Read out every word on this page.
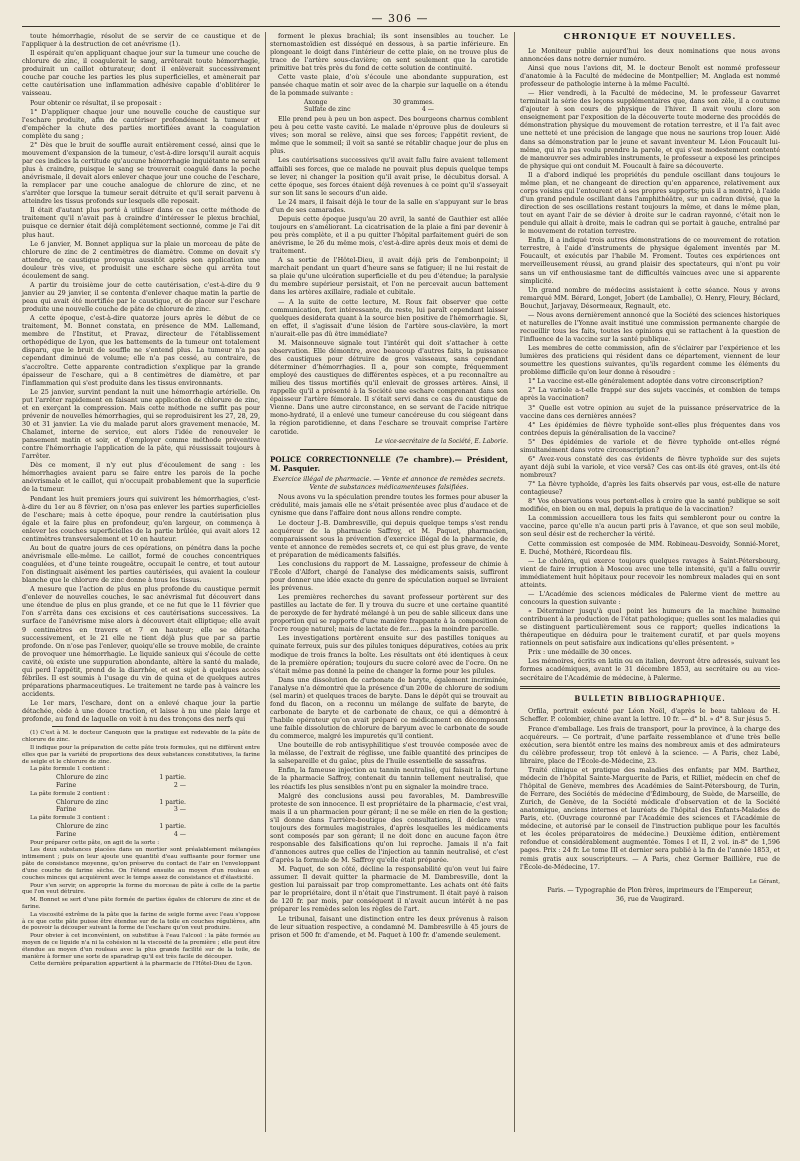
— 306 —

toute hémorrhagie, résolut de se servir de ce caustique et de l'appliquer à la destruction de cet anévrisme (1).

Il espérait qu'en appliquant chaque jour sur la tumeur une couche de chlorure de zinc, il coagulerait le sang, arrêterait toute hémorrhagie, produirait un caillot obturateur, dont il enlèverait successivement couche par couche les parties les plus superficielles, et amènerait par cette cautérisation une inflammation adhésive capable d'oblitérer le vaisseau.

Pour obtenir ce résultat, il se proposait :

1° D'appliquer chaque jour une nouvelle couche de caustique sur l'eschare produite, afin de cautériser profondément la tumeur et d'empêcher la chute des parties mortifiées avant la coagulation complète du sang ;

2° Dès que le bruit de souffle aurait entièrement cessé, ainsi que le mouvement d'expansion de la tumeur, c'est-à-dire lorsqu'il aurait acquis par ces indices la certitude qu'aucune hémorrhagie inquiétante ne serait plus à craindre, puisque le sang se trouverait coagulé dans la poche anévrismale, il devait alors enlever chaque jour une couche de l'eschare, la remplacer par une couche analogue de chlorure de zinc, et ne s'arrêter que lorsque la tumeur serait détruite et qu'il serait parvenu à atteindre les tissus profonds sur lesquels elle reposait.

Il était d'autant plus porté à utiliser dans ce cas cette méthode de traitement qu'il n'avait pas à craindre d'intéresser le plexus brachial, puisque ce dernier était déjà complétement sectionné, comme je l'ai dit plus haut.

Le 6 janvier, M. Bonnet appliqua sur la plaie un morceau de pâte de chlorure de zinc de 2 centimètres de diamètre. Comme on devait s'y attendre, ce caustique provoqua aussitôt après son application une douleur très vive, et produisit une eschare sèche qui arrêta tout écoulement de sang.

A partir du troisième jour de cette cautérisation, c'est-à-dire du 9 janvier au 29 janvier, il se contenta d'enlever chaque matin la partie de peau qui avait été mortifiée par le caustique, et de placer sur l'eschare produite une nouvelle couche de pâte de chlorure de zinc.

A cette époque, c'est-à-dire quatorze jours après le début de ce traitement, M. Bonnet constata, en présence de MM. Lallemand, membre de l'Institut, et Pravaz, directeur de l'établissement orthopédique de Lyon, que les battements de la tumeur ont totalement disparu, que le bruit de souffle ne s'entend plus. La tumeur n'a pas cependant diminué de volume; elle n'a pas cessé, au contraire, de s'accroître. Cette apparente contradiction s'explique par la grande épaisseur de l'eschare, qui a 8 centimètres de diamètre, et par l'inflammation qui s'est produite dans les tissus environnants.

Le 25 janvier, survint pendant la nuit une hémorrhagie artérielle. On put l'arrêter rapidement en faisant une application de chlorure de zinc, et en exerçant la compression. Mais cette méthode ne suffit pas pour prévenir de nouvelles hémorrhagies, qui se reproduisirent les 27, 28, 29, 30 et 31 janvier. La vie du malade parut alors gravement menacée, M. Chalamet, interne de service, eut alors l'idée de renouveler le pansement matin et soir, et d'employer comme méthode préventive contre l'hémorrhagie l'application de la pâte, qui réussissait toujours à l'arrêter.

Dès ce moment, il n'y eut plus d'écoulement de sang : les hémorrhagies avaient paru se faire entre les parois de la poche anévrismale et le caillot, qui n'occupait probablement que la superficie de la tumeur.

Pendant les huit premiers jours qui suivirent les hémorrhagies, c'est-à-dire du 1er au 8 février, on n'osa pas enlever les parties superficielles de l'eschare; mais à cette époque, pour rendre la cautérisation plus égale et la faire plus en profondeur, qu'en largeur, on commença à enlever les couches superficielles de la partie brûlée, qui avait alors 12 centimètres transversalement et 10 en hauteur.

Au bout de quatre jours de ces opérations, on pénétra dans la poche anévrismale elle-même. Le caillot, formé de couches concentriques coagulées, et d'une teinte rougeâtre, occupait le centre, et tout autour l'on distinguait aisément les parties cautérisées, qui avaient la couleur blanche que le chlorure de zinc donne à tous les tissus.

A mesure que l'action de plus en plus profonde du caustique permit d'enlever de nouvelles couches, le sac anévrismal fut découvert dans une étendue de plus en plus grande, et ce ne fut que le 11 février que l'on s'arrêta dans ces excisions et ces cautérisations successives. La surface de l'anévrisme mise alors à découvert était elliptique; elle avait 9 centimètres en travers et 7 en hauteur; elle se détacha successivement, et le 21 elle ne tient déjà plus que par sa partie profonde. On n'ose pas l'enlever, quoiqu'elle se trouve mobile, de crainte de provoquer une hémorrhagie. Le liquide sanieux qui s'écoule de cette cavité, où existe une suppuration abondante, altère la santé du malade, qui perd l'appétit, prend de la diarrhée, et est sujet à quelques accès fébriles. Il est soumis à l'usage du vin de quina et de quelques autres préparations pharmaceutiques. Le traitement ne tarde pas à vaincre les accidents.

Le 1er mars, l'eschare, dont on a enlevé chaque jour la partie détachée, cède à une douce traction, et laisse à nu une plaie large et profonde, au fond de laquelle on voit à nu des tronçons des nerfs qui

(1) C'est à M. le docteur Canquoin que la pratique est redevable de la pâte de chlorure de zinc.

Il indique pour la préparation de cette pâte trois formules, qui ne diffèrent entre elles que par la variété de proportions des deux substances constitutives, la farine de seigle et le chlorure de zinc.

La pâte formule 1 contient :

Chlorure de zinc	1 partie.
Farine	2 —

La pâte formule 2 contient :

Chlorure de zinc	1 partie.
Farine	3 —

La pâte formule 3 contient :

Chlorure de zinc	1 partie.
Farine	4 —

Pour préparer cette pâte, on agit de la sorte :

Les deux substances placées dans un mortier sont préalablement mélangées intimement ; puis on leur ajoute une quantité d'eau suffisante pour former une pâte de consistance moyenne, qu'on préserve du contact de l'air en l'enveloppant d'une couche de farine sèche. On l'étend ensuite au moyen d'un rouleau en couches minces qui acquièrent avec le temps assez de consistance et d'élasticité.

Pour s'en servir, on approprie la forme du morceau de pâte à celle de la partie que l'on veut détruire.

M. Bonnet se sert d'une pâte formée de parties égales de chlorure de zinc et de farine.

La viscosité extrême de la pâte que la farine de seigle forme avec l'eau s'oppose à ce que cette pâte puisse être étendue sur de la toile en couches régulières, afin de pouvoir la découper suivant la forme de l'eschare qu'on veut produire.

Pour obvier à cet inconvénient, on substitue à l'eau l'alcool : la pâte formée au moyen de ce liquide n'a ni la cohésion ni la viscosité de la première ; elle peut être étendue au moyen d'un rouleau avec la plus grande facilité sur de la toile, de manière à former une sorte de sparadrap qu'il est très facile de découper.

Cette dernière préparation appartient à la pharmacie de l'Hôtel-Dieu de Lyon.

forment le plexus brachial; ils sont insensibles au toucher. Le sternomastoïdien est disséqué en dessous, à sa partie inférieure. En plongeant le doigt dans l'intérieur de cette plaie, on ne trouve plus de trace de l'artère sous-clavière; on sent seulement que la carotide primitive bat très près du fond de cette solution de continuité.

Cette vaste plaie, d'où s'écoule une abondante suppuration, est pansée chaque matin et soir avec de la charpie sur laquelle on a étendu de la pommade suivante :

Axonge	30 grammes.
Sulfate de zinc	4 —

Elle prend peu à peu un bon aspect. Des bourgeons charnus comblent peu à peu cette vaste cavité. Le malade n'éprouve plus de douleurs si vives; son moral se relève, ainsi que ses forces; l'appétit revient, de même que le sommeil; il voit sa santé se rétablir chaque jour de plus en plus.

Les cautérisations successives qu'il avait fallu faire avaient tellement affaibli ses forces, que ce malade ne pouvait plus depuis quelque temps se lever, ni changer la position qu'il avait prise, le décubitus dorsal. A cette époque, ses forces étaient déjà revenues à ce point qu'il s'asseyait sur son lit sans le secours d'un aide.

Le 24 mars, il faisait déjà le tour de la salle en s'appuyant sur le bras d'un de ses camarades.

Depuis cette époque jusqu'au 20 avril, la santé de Gauthier est allée toujours en s'améliorant. La cicatrisation de la plaie a fini par devenir à peu près complète, et il a pu quitter l'hôpital parfaitement guéri de son anévrisme, le 26 du même mois, c'est-à-dire après deux mois et demi de traitement.

A sa sortie de l'Hôtel-Dieu, il avait déjà pris de l'embonpoint; il marchait pendant un quart d'heure sans se fatiguer; il ne lui restait de sa plaie qu'une ulcération superficielle et du peu d'étendue; la paralysie du membre supérieur persistait, et l'on ne percevait aucun battement dans les artères axillaire, radiale et cubitale.

— A la suite de cette lecture, M. Roux fait observer que cette communication, fort intéressante, du reste, lui paraît cependant laisser quelques desiderata quant à la source bien positive de l'hémorrhagie. Si, en effet, il s'agissait d'une lésion de l'artère sous-clavière, la mort n'aurait-elle pas dû être immédiate?

M. Maisonneuve signale tout l'intérêt qui doit s'attacher à cette observation. Elle démontre, avec beaucoup d'autres faits, la puissance des caustiques pour détruire de gros vaisseaux, sans cependant déterminer d'hémorrhagies. Il a, pour son compte, fréquemment employé des caustiques de différentes espèces, et a pu reconnaître au milieu des tissus mortifiés qu'il enlevait de grosses artères. Ainsi, il rappelle qu'il a présenté à la Société une eschare comprenant dans son épaisseur l'artère fémorale. Il s'était servi dans ce cas du caustique de Vienne. Dans une autre circonstance, en se servant de l'acide nitrique mono-hydraté, il a enlevé une tumeur cancéreuse du cou siégeant dans la région parotidienne, et dans l'eschare se trouvait comprise l'artère carotide.

Le vice-secrétaire de la Société, E. Laborie.

POLICE CORRECTIONNELLE (7e chambre).— Président, M. Pasquier.

Exercice illégal de pharmacie. — Vente et annonce de remèdes secrets. Vente de substances médicamenteuses falsifiées.

Nous avons vu la spéculation prendre toutes les formes pour abuser la crédulité, mais jamais elle ne s'était présentée avec plus d'audace et de cynisme que dans l'affaire dont nous allons rendre compte.

Le docteur J.-B. Dambresville, qui depuis quelque temps s'est rendu acquéreur de la pharmacie Saffroy, et M. Paquet, pharmacien, comparaissent sous la prévention d'exercice illégal de la pharmacie, de vente et annonce de remèdes secrets et, ce qui est plus grave, de vente et préparation de médicaments falsifiés.

Les conclusions du rapport de M. Lassaigne, professeur de chimie à l'École d'Alfort, chargé de l'analyse des médicaments saisis, suffiront pour donner une idée exacte du genre de spéculation auquel se livraient les prévenus.

Les premières recherches du savant professeur portèrent sur des pastilles au lactate de fer. Il y trouva du sucre et une certaine quantité de peroxyde de fer hydraté mélangé à un peu de sable siliceux dans une proportion qui se rapporte d'une manière frappante à la composition de l'ocre rouge naturel; mais de lactate de fer..... pas la moindre parcelle.

Les investigations portèrent ensuite sur des pastilles toniques au quinate ferreux, puis sur des pilules toniques dépuratives, cotées au prix modique de trois francs la boîte. Les résultats ont été identiques à ceux de la première opération; toujours du sucre coloré avec de l'ocre. On ne s'était même pas donné la peine de changer la forme pour les pilules.

Dans une dissolution de carbonate de baryte, également incriminée, l'analyse n'a démontré que la présence d'un 200e de chlorure de sodium (sel marin) et quelques traces de baryte. Dans le dépôt qui se trouvait au fond du flacon, on a reconnu un mélange de sulfate de baryte, de carbonate de baryte et de carbonate de chaux, ce qui a démontré à l'habile opérateur qu'on avait préparé ce médicament en décomposant une faible dissolution de chlorure de baryum avec le carbonate de soude du commerce, malgré les impuretés qu'il contient.

Une bouteille de rob antisyphilitique s'est trouvée composée avec de la mélasse, de l'extrait de réglisse, une faible quantité des principes de la salsepareille et du gaïac, plus de l'huile essentielle de sassafras.

Enfin, la fameuse injection au tannin neutralisé, qui faisait la fortune de la pharmacie Saffroy, contenait du tannin tellement neutralisé, que les réactifs les plus sensibles n'ont pu en signaler la moindre trace.

Malgré des conclusions aussi peu favorables, M. Dambresville proteste de son innocence. Il est propriétaire de la pharmacie, c'est vrai, mais il a un pharmacien pour gérant; il ne se mêle en rien de la gestion; s'il donne dans l'arrière-boutique des consultations, il déclare vrai toujours des formules magistrales, d'après lesquelles les médicaments sont composés par son gérant; il ne doit donc en aucune façon être responsable des falsifications qu'on lui reproche. Jamais il n'a fait d'annonces autres que celles de l'injection au tannin neutralisé, et c'est d'après la formule de M. Saffroy qu'elle était préparée.

M. Paquet, de son côté, décline la responsabilité qu'on veut lui faire assumer. Il devait quitter la pharmacie de M. Dambresville, dont la gestion lui paraissait par trop compromettante. Les achats ont été faits par le propriétaire, dont il n'était que l'instrument. Il était payé à raison de 120 fr. par mois, par conséquent il n'avait aucun intérêt à ne pas préparer les remèdes selon les règles de l'art.

Le tribunal, faisant une distinction entre les deux prévenus à raison de leur situation respective, a condamné M. Dambresville à 45 jours de prison et 500 fr. d'amende, et M. Paquet à 100 fr. d'amende seulement.

CHRONIQUE ET NOUVELLES.

Le Moniteur publie aujourd'hui les deux nominations que nous avons annoncées dans notre dernier numéro.

Ainsi que nous l'avions dit, M. le docteur Benoît est nommé professeur d'anatomie à la Faculté de médecine de Montpellier; M. Anglada est nommé professeur de pathologie interne à la même Faculté.

— Hier vendredi, à la Faculté de médecine, M. le professeur Gavarret terminait la série des leçons supplémentaires que, dans son zèle, il a coutume d'ajouter à son cours de physique de l'hiver. Il avait voulu clore son enseignement par l'exposition de la découverte toute moderne des procédés de démonstration physique du mouvement de rotation terrestre, et il l'a fait avec une netteté et une précision de langage que nous ne saurions trop louer. Aidé dans sa démonstration par le jeune et savant inventeur M. Léon Foucault lui-même, qui n'a pas voulu prendre la parole, et qui s'est modestement contenté de manœuvrer ses admirables instruments, le professeur a exposé les principes de physique qui ont conduit M. Foucault à faire sa découverte.

Il a d'abord indiqué les propriétés du pendule oscillant dans toujours le même plan, et ne changeant de direction qu'en apparence, relativement aux corps voisins qui l'entourent et à ses propres supports; puis il a montré, à l'aide d'un grand pendule oscillant dans l'amphithéâtre, sur un cadran divisé, que la direction de ses oscillations restant toujours la même, et dans le même plan, tout en ayant l'air de se dévier à droite sur le cadran rayonné, c'était non le pendule qui allait à droite, mais le cadran qui se portait à gauche, entraîné par le mouvement de rotation terrestre.

Enfin, il a indiqué trois autres démonstrations de ce mouvement de rotation terrestre, à l'aide d'instruments de physique également inventés par M. Foucault, et exécutés par l'habile M. Froment. Toutes ces expériences ont merveilleusement réussi, au grand plaisir des spectateurs, qui n'ont pu voir sans un vif enthousiasme tant de difficultés vaincues avec une si apparente simplicité.

Un grand nombre de médecins assistaient à cette séance. Nous y avons remarqué MM. Bérard, Longet, Jobert (de Lamballe), O. Henry, Fleury, Béclard, Bouchut, Jarjavay, Désormeaux, Regnault, etc.

— Nous avons dernièrement annoncé que la Société des sciences historiques et naturelles de l'Yonne avait institué une commission permanente chargée de recueillir tous les faits, toutes les opinions qui se rattachent à la question de l'influence de la vaccine sur la santé publique.

Les membres de cette commission, afin de s'éclairer par l'expérience et les lumières des praticiens qui résident dans ce département, viennent de leur soumettre les questions suivantes, qu'ils regardent comme les éléments du problème difficile qu'on leur donne à résoudre :

1° La vaccine est-elle généralement adoptée dans votre circonscription?

2° La variole a-t-elle frappé sur des sujets vaccinés, et combien de temps après la vaccination?

3° Quelle est votre opinion au sujet de la puissance préservatrice de la vaccine dans ces dernières années?

4° Les épidémies de fièvre typhoïde sont-elles plus fréquentes dans vos contrées depuis la généralisation de la vaccine?

5° Des épidémies de variole et de fièvre typhoïde ont-elles régné simultanément dans votre circonscription?

6° Avez-vous constaté des cas évidents de fièvre typhoïde sur des sujets ayant déjà subi la variole, et vice versâ? Ces cas ont-ils été graves, ont-ils été nombreux?

7° La fièvre typhoïde, d'après les faits observés par vous, est-elle de nature contagieuse?

8° Vos observations vous portent-elles à croire que la santé publique se soit modifiée, en bien ou en mal, depuis la pratique de la vaccination?

La commission accueillera tous les faits qui sembleront pour ou contre la vaccine, parce qu'elle n'a aucun parti pris à l'avance, et que son seul mobile, son seul désir est de rechercher la vérité.

Cette commission est composée de MM. Robineau-Desvoidy, Sonnié-Moret, E. Duché, Mothéré, Ricordeau fils.

— Le choléra, qui exerce toujours quelques ravages à Saint-Pétersbourg, vient de faire irruption à Moscou avec une telle intensité, qu'il a fallu ouvrir immédiatement huit hôpitaux pour recevoir les nombreux malades qui en sont atteints.

— L'Académie des sciences médicales de Palerme vient de mettre au concours la question suivante :

« Déterminer jusqu'à quel point les humeurs de la machine humaine contribuent à la production de l'état pathologique; quelles sont les maladies qui se distinguent particulièrement sous ce rapport; quelles indications la thérapeutique en déduira pour le traitement curatif, et par quels moyens rationnels on peut satisfaire aux indications qu'elles présentent. »

Prix : une médaille de 30 onces.

Les mémoires, écrits en latin ou en italien, devront être adressés, suivant les formes académiques, avant le 31 décembre 1853, au secrétaire ou au vice-secrétaire de l'Académie de médecine, à Palerme.

BULLETIN BIBLIOGRAPHIQUE.

Orfila, portrait exécuté par Léon Noël, d'après le beau tableau de H. Scheffer. P. colombier, chine avant la lettre. 10 fr. — d° bl. » d° 8. Sur jésus 5.

France d'emballage. Les frais de transport, pour la province, à la charge des acquéreurs. — Ce portrait, d'une parfaite ressemblance et d'une très belle exécution, sera bientôt entre les mains des nombreux amis et des admirateurs du célèbre professeur, trop tôt enlevé à la science. — A Paris, chez Labé, libraire, place de l'École-de-Médecine, 23.

Traité clinique et pratique des maladies des enfants; par MM. Barthez, médecin de l'hôpital Sainte-Marguerite de Paris, et Rilliet, médecin en chef de l'hôpital de Genève, membres des Académies de Saint-Pétersbourg, de Turin, de Ferrare, des Sociétés de médecine d'Édimbourg, de Suède, de Marseille, de Zurich, de Genève, de la Société médicale d'observation et de la Société anatomique, anciens internes et lauréats de l'hôpital des Enfants-Malades de Paris, etc. (Ouvrage couronné par l'Académie des sciences et l'Académie de médecine, et autorisé par le conseil de l'instruction publique pour les facultés et les écoles préparatoires de médecine.) Deuxième édition, entièrement refondue et considérablement augmentée. Tomes I et II, 2 vol. in-8° de 1,596 pages. Prix : 24 fr. Le tome III et dernier sera publié à la fin de l'année 1853, et remis gratis aux souscripteurs. — A Paris, chez Germer Baillière, rue de l'École-de-Médecine, 17.

Le Gérant,
Paris. — Typographie de Plon frères, imprimeurs de l'Empereur,
36, rue de Vaugirard.
